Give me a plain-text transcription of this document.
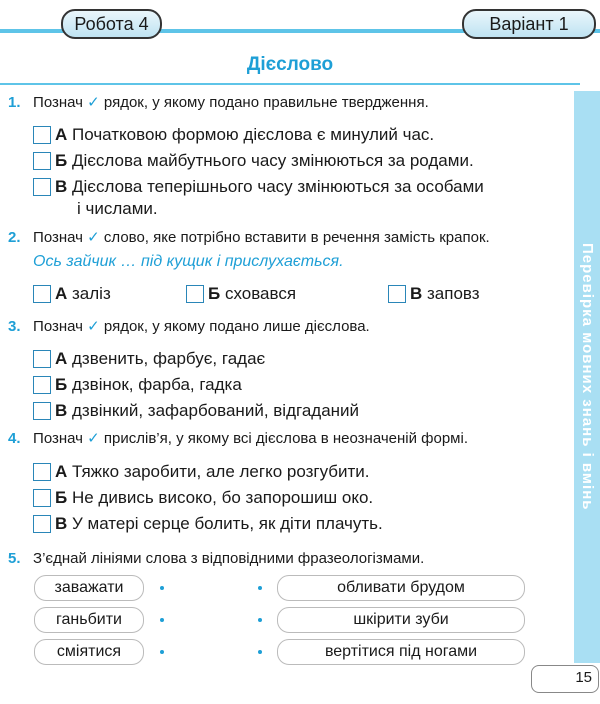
Робота 4	Варіант 1
Дієслово
Перевірка мовних знань і вмінь
1. Познач ✓ рядок, у якому подано правильне твердження.
А Початковою формою дієслова є минулий час.
Б Дієслова майбутнього часу змінюються за родами.
В Дієслова теперішнього часу змінюються за особами
і числами.
2. Познач ✓ слово, яке потрібно вставити в речення замість крапок.
Ось зайчик … під кущик і прислухається.
А заліз	Б сховався	В заповз
3. Познач ✓ рядок, у якому подано лише дієслова.
А дзвенить, фарбує, гадає
Б дзвінок, фарба, гадка
В дзвінкий, зафарбований, відгаданий
4. Познач ✓ прислів’я, у якому всі дієслова в неозначеній формі.
А Тяжко заробити, але легко розгубити.
Б Не дивись високо, бо запорошиш око.
В У матері серце болить, як діти плачуть.
5. З’єднай лініями слова з відповідними фразеологізмами.
заважати
ганьбити
сміятися
обливати брудом
шкірити зуби
вертітися під ногами
15
